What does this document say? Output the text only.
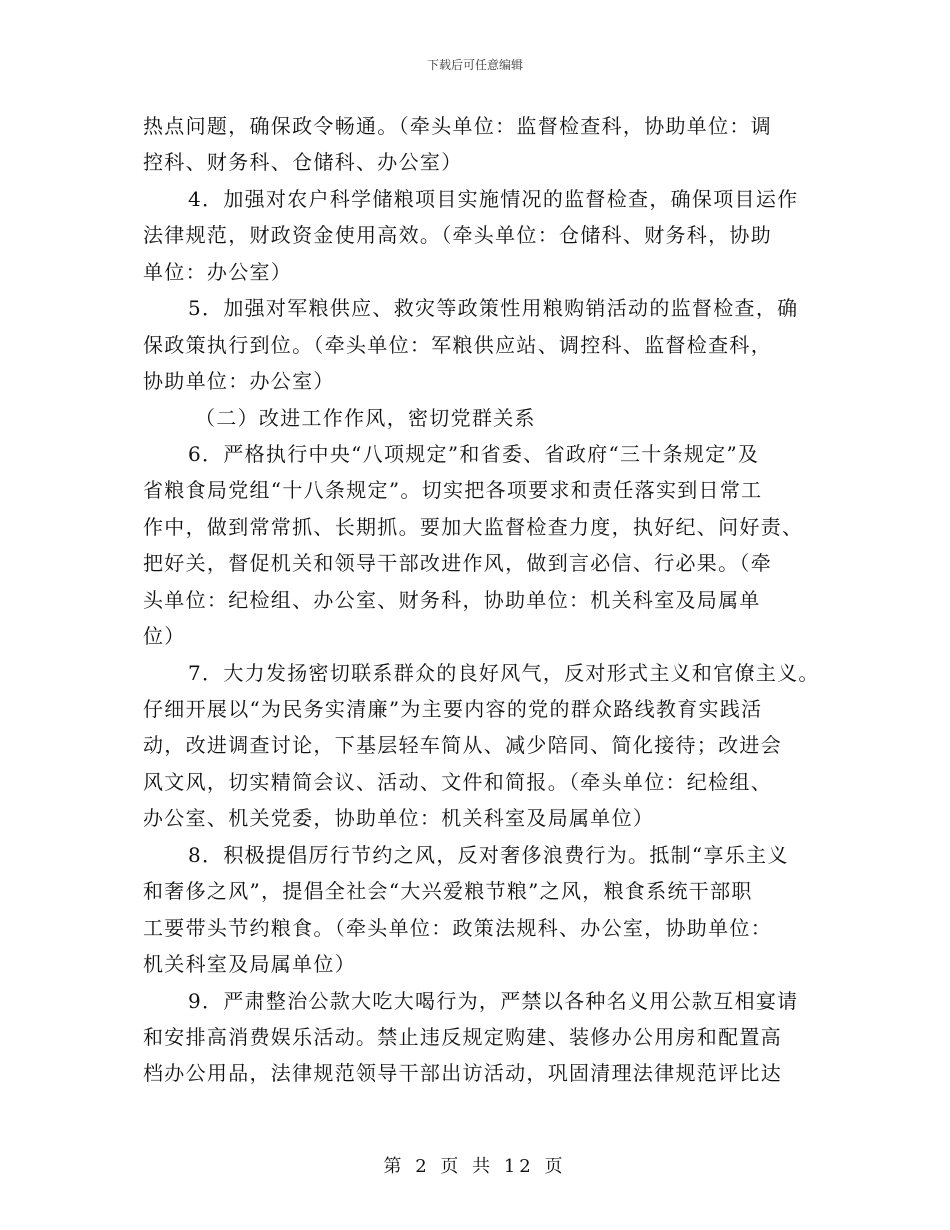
下载后可任意编辑
热点问题，确保政令畅通。（牵头单位：监督检查科，协助单位：调
控科、财务科、仓储科、办公室）
4．加强对农户科学储粮项目实施情况的监督检查，确保项目运作
法律规范，财政资金使用高效。（牵头单位：仓储科、财务科，协助
单位：办公室）
5．加强对军粮供应、救灾等政策性用粮购销活动的监督检查，确
保政策执行到位。（牵头单位：军粮供应站、调控科、监督检查科，
协助单位：办公室）
（二）改进工作作风，密切党群关系
6．严格执行中央“八项规定”和省委、省政府“三十条规定”及
省粮食局党组“十八条规定”。切实把各项要求和责任落实到日常工
作中，做到常常抓、长期抓。要加大监督检查力度，执好纪、问好责、
把好关，督促机关和领导干部改进作风，做到言必信、行必果。（牵
头单位：纪检组、办公室、财务科，协助单位：机关科室及局属单
位）
7．大力发扬密切联系群众的良好风气，反对形式主义和官僚主义。
仔细开展以“为民务实清廉”为主要内容的党的群众路线教育实践活
动，改进调查讨论，下基层轻车简从、减少陪同、简化接待；改进会
风文风，切实精简会议、活动、文件和简报。（牵头单位：纪检组、
办公室、机关党委，协助单位：机关科室及局属单位）
8．积极提倡厉行节约之风，反对奢侈浪费行为。抵制“享乐主义
和奢侈之风”，提倡全社会“大兴爱粮节粮”之风，粮食系统干部职
工要带头节约粮食。（牵头单位：政策法规科、办公室，协助单位：
机关科室及局属单位）
9．严肃整治公款大吃大喝行为，严禁以各种名义用公款互相宴请
和安排高消费娱乐活动。禁止违反规定购建、装修办公用房和配置高
档办公用品，法律规范领导干部出访活动，巩固清理法律规范评比达
第 2 页 共 12 页
